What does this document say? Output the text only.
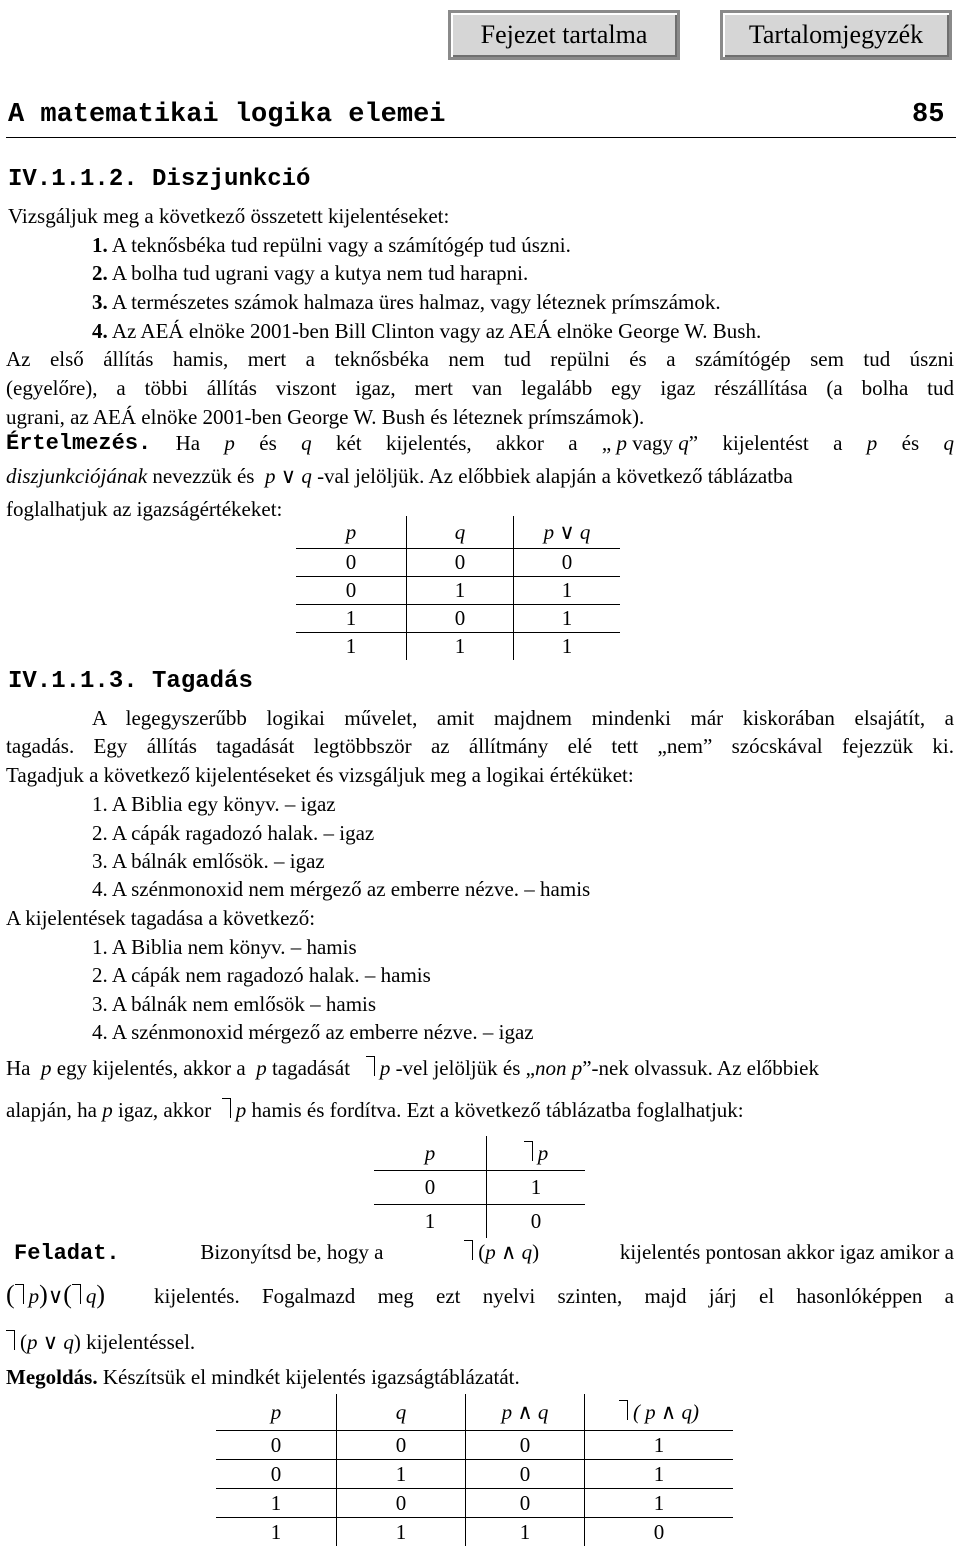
Fejezet tartalma	Tartalomjegyzék
A matematikai logika elemei	85
IV.1.1.2. Diszjunkció
Vizsgáljuk meg a következő összetett kijelentéseket:
1. A teknősbéka tud repülni vagy a számítógép tud úszni.
2. A bolha tud ugrani vagy a kutya nem tud harapni.
3. A természetes számok halmaza üres halmaz, vagy léteznek prímszámok.
4. Az AEÁ elnöke 2001-ben Bill Clinton vagy az AEÁ elnöke George W. Bush.
Az első állítás hamis, mert a teknősbéka nem tud repülni és a számítógép sem tud úszni
(egyelőre), a többi állítás viszont igaz, mert van legalább egy igaz részállítása (a bolha tud
ugrani, az AEÁ elnöke 2001-ben George W. Bush és léteznek prímszámok).
Értelmezés. Ha p és q két kijelentés, akkor a „ p vagy q” kijelentést a p és q
diszjunkciójának nevezzük és p ∨ q -val jelöljük. Az előbbiek alapján a következő táblázatba
foglalhatjuk az igazságértékeket:
p	q	p ∨ q
0	0	0
0	1	1
1	0	1
1	1	1
IV.1.1.3. Tagadás
A legegyszerűbb logikai művelet, amit majdnem mindenki már kiskorában elsajátít, a
tagadás. Egy állítás tagadását legtöbbször az állítmány elé tett „nem” szócskával fejezzük ki.
Tagadjuk a következő kijelentéseket és vizsgáljuk meg a logikai értéküket:
1. A Biblia egy könyv. – igaz
2. A cápák ragadozó halak. – igaz
3. A bálnák emlősök. – igaz
4. A szénmonoxid nem mérgező az emberre nézve. – hamis
A kijelentések tagadása a következő:
1. A Biblia nem könyv. – hamis
2. A cápák nem ragadozó halak. – hamis
3. A bálnák nem emlősök – hamis
4. A szénmonoxid mérgező az emberre nézve. – igaz
Ha p egy kijelentés, akkor a p tagadását p -vel jelöljük és „non p”-nek olvassuk. Az előbbiek
alapján, ha p igaz, akkor p hamis és fordítva. Ezt a következő táblázatba foglalhatjuk:
p	p
0	1
1	0
Feladat.	Bizonyítsd be, hogy a	(p ∧ q)	kijelentés pontosan akkor igaz amikor a
( p)∨( q) kijelentés. Fogalmazd meg ezt nyelvi szinten, majd járj el hasonlóképpen a
(p ∨ q) kijelentéssel.
Megoldás. Készítsük el mindkét kijelentés igazságtáblázatát.
p	q	p ∧ q	( p ∧ q)
0	0	0	1
0	1	0	1
1	0	0	1
1	1	1	0
